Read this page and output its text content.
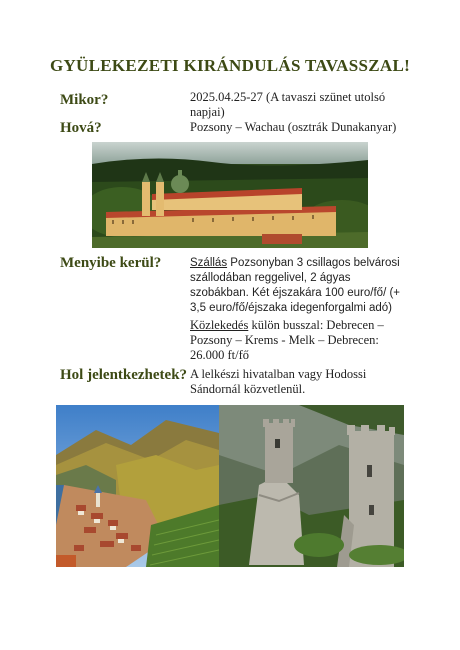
GYÜLEKEZETI KIRÁNDULÁS TAVASSZAL!
Mikor?	2025.04.25-27 (A tavaszi szünet utolsó napjai)
Hová?	Pozsony – Wachau (osztrák Dunakanyar)
Menyibe kerül?	Szállás Pozsonyban 3 csillagos belvárosi szállodában reggelivel, 2 ágyas szobákban. Két éjszakára 100 euro/fő/ (+ 3,5 euro/fő/éjszaka idegenforgalmi adó)
Közlekedés külön busszal: Debrecen – Pozsony – Krems - Melk – Debrecen: 26.000 ft/fő
Hol jelentkezhetek? A lelkészi hivatalban vagy Hodossi Sándornál közvetlenül.
